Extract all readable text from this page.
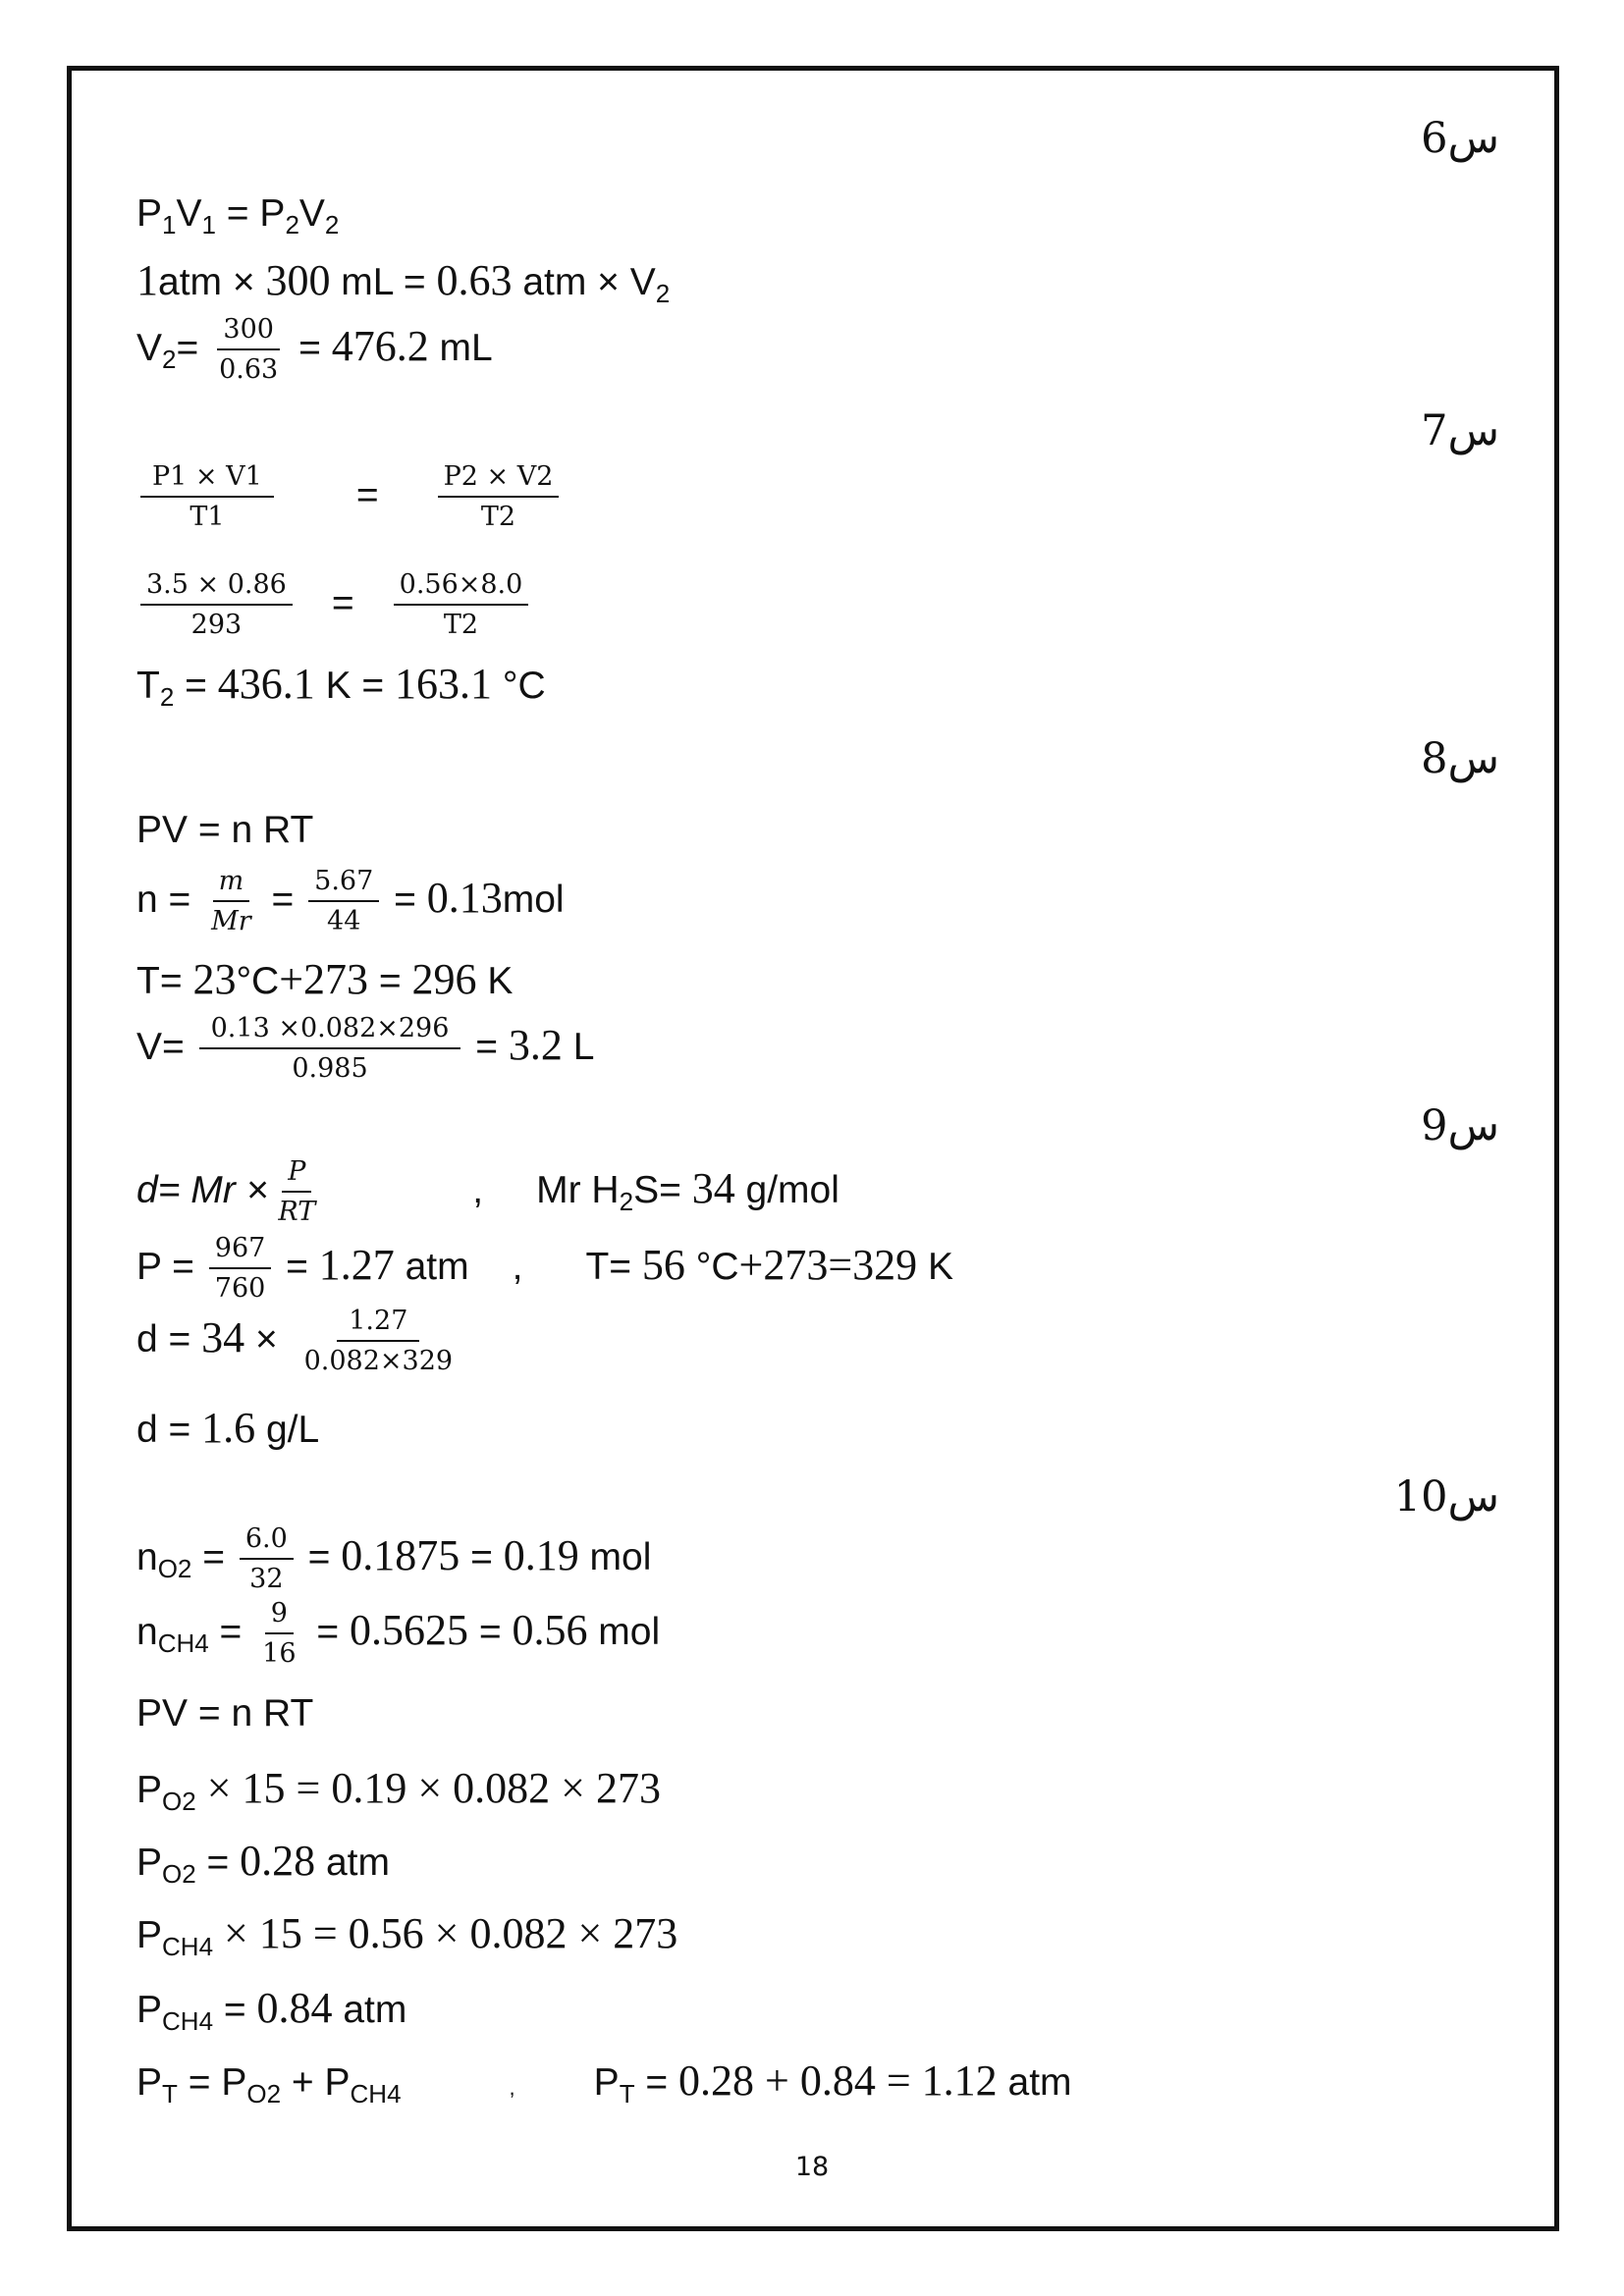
س6
$P_1V_1 = P_2V_2$
1atm × 300 mL = 0.63 atm × $V_2$
$V_2= \frac{300}{0.63} = 476.2$ mL
س7
$\frac{P1 \times V1}{T1} = \frac{P2 \times V2}{T2}$
$\frac{3.5 \times 0.86}{293} = \frac{0.56\times 8.0}{T2}$
$T_2 = 436.1$ K = 163.1 °C
س8
PV = n RT
$n = \frac{m}{Mr} = \frac{5.67}{44} = 0.13mol$
T= 23°C+273 = 296 K
$V= \frac{0.13 \times 0.082\times 296}{0.985} = 3.2$ L
س9
$d= Mr \times \frac{P}{RT}$	, Mr $H_2S= 34$ g/mol
$P = \frac{967}{760} = 1.27$ atm , T= 56 °C+273=329 K
$d = 34 \times \frac{1.27}{0.082\times 329}$
d = 1.6 g/L
س10
$n_{O2} = \frac{6.0}{32} = 0.1875 = 0.19$ mol
$n_{CH4} = \frac{9}{16} = 0.5625 = 0.56$ mol
PV = n RT
$P_{O2} \times 15 = 0.19 \times 0.082 \times 273$
$P_{O2} = 0.28$ atm
$P_{CH4} \times 15 = 0.56 \times 0.082 \times 273$
$P_{CH4} = 0.84$ atm
$P_T = P_{O2} + P_{CH4}$	, $P_T = 0.28 + 0.84 = 1.12$ atm
18
